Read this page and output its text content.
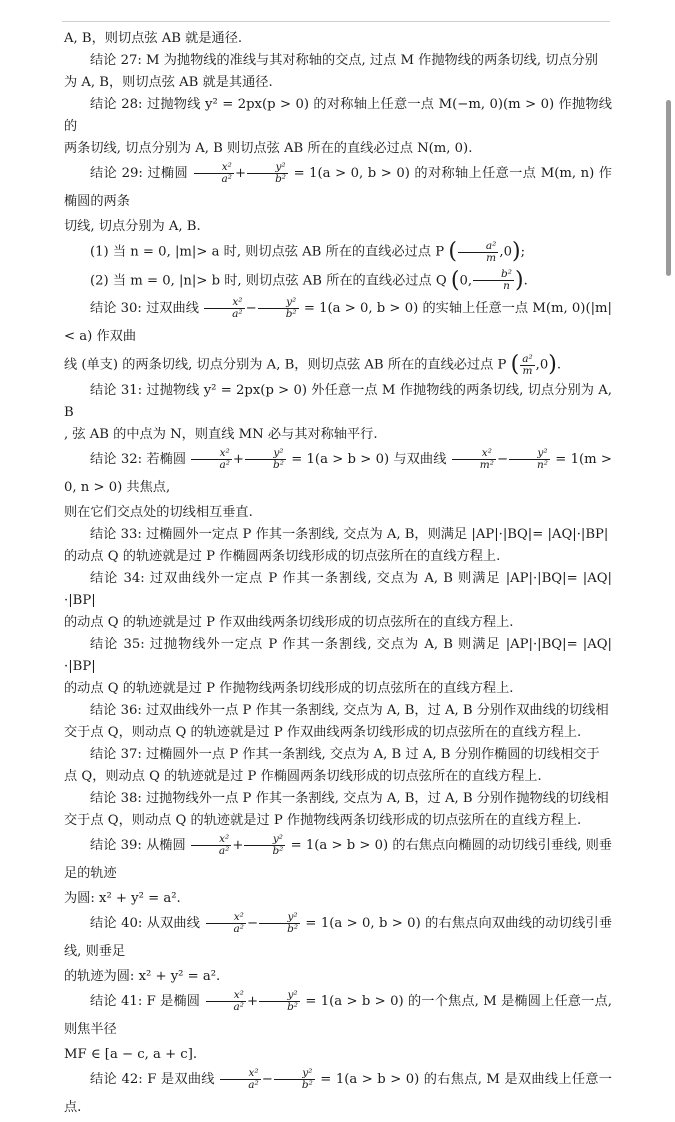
A, B，则切点弦 AB 就是通径.

结论 27: M 为抛物线的准线与其对称轴的交点, 过点 M 作抛物线的两条切线, 切点分别

为 A, B，则切点弦 AB 就是其通径.

结论 28: 过抛物线 y² = 2px(p > 0) 的对称轴上任意一点 M(−m, 0)(m > 0) 作抛物线的

两条切线, 切点分别为 A, B 则切点弦 AB 所在的直线必过点 N(m, 0).

结论 29: 过椭圆 $\frac{\text{x²}}{\text{a²}} + \frac{\text{y²}}{\text{b²}} = 1(a > 0$, b > 0) 的对称轴上任意一点 M(m, n) 作椭圆的两条

切线, 切点分别为 A, B.

(1) 当 n = 0, |m|> a 时, 则切点弦 AB 所在的直线必过点 P ( $\frac{\text{a²}}{m} ,0$);

(2) 当 m = 0, |n|> b 时, 则切点弦 AB 所在的直线必过点 Q (0, $\frac{\text{b²}}{n}$ ).

结论 30: 过双曲线 $\frac{\text{x²}}{\text{a²}} - \frac{\text{y²}}{\text{b²}} = 1(a > 0$, b > 0) 的实轴上任意一点 M(m, 0)(|m|< a) 作双曲

线 (单支) 的两条切线, 切点分别为 A, B，则切点弦 AB 所在的直线必过点 P ( $\frac{\text{a²}}{m} ,0$).

结论 31: 过抛物线 y² = 2px(p > 0) 外任意一点 M 作抛物线的两条切线, 切点分别为 A, B

, 弦 AB 的中点为 N，则直线 MN 必与其对称轴平行.

结论 32: 若椭圆 $\frac{\text{x²}}{\text{a²}} + \frac{\text{y²}}{\text{b²}} = 1(a > b > 0)$ 与双曲线 $\frac{\text{x²}}{\text{m²}} - \frac{\text{y²}}{\text{n²}} = 1(m > 0$, n > 0) 共焦点,

则在它们交点处的切线相互垂直.

结论 33: 过椭圆外一定点 P 作其一条割线, 交点为 A, B，则满足 |AP|·|BQ|= |AQ|·|BP|

的动点 Q 的轨迹就是过 P 作椭圆两条切线形成的切点弦所在的直线方程上.

结论 34: 过双曲线外一定点 P 作其一条割线, 交点为 A, B 则满足 |AP|·|BQ|= |AQ|·|BP|

的动点 Q 的轨迹就是过 P 作双曲线两条切线形成的切点弦所在的直线方程上.

结论 35: 过抛物线外一定点 P 作其一条割线, 交点为 A, B 则满足 |AP|·|BQ|= |AQ|·|BP|

的动点 Q 的轨迹就是过 P 作抛物线两条切线形成的切点弦所在的直线方程上.

结论 36: 过双曲线外一点 P 作其一条割线, 交点为 A, B，过 A, B 分别作双曲线的切线相

交于点 Q，则动点 Q 的轨迹就是过 P 作双曲线两条切线形成的切点弦所在的直线方程上.

结论 37: 过椭圆外一点 P 作其一条割线, 交点为 A, B 过 A, B 分别作椭圆的切线相交于

点 Q，则动点 Q 的轨迹就是过 P 作椭圆两条切线形成的切点弦所在的直线方程上.

结论 38: 过抛物线外一点 P 作其一条割线, 交点为 A, B，过 A, B 分别作抛物线的切线相

交于点 Q，则动点 Q 的轨迹就是过 P 作抛物线两条切线形成的切点弦所在的直线方程上.

结论 39: 从椭圆 $\frac{\text{x²}}{\text{a²}} + \frac{\text{y²}}{\text{b²}} = 1(a > b > 0)$ 的右焦点向椭圆的动切线引垂线, 则垂足的轨迹

为圆: x² + y² = a².

结论 40: 从双曲线 $\frac{\text{x²}}{\text{a²}} - \frac{\text{y²}}{\text{b²}} = 1(a > 0$, b > 0) 的右焦点向双曲线的动切线引垂线, 则垂足

的轨迹为圆: x² + y² = a².

结论 41: F 是椭圆 $\frac{\text{x²}}{\text{a²}} + \frac{\text{y²}}{\text{b²}} = 1(a > b > 0)$ 的一个焦点, M 是椭圆上任意一点, 则焦半径

MF ∈ [a − c, a + c].

结论 42: F 是双曲线 $\frac{\text{x²}}{\text{a²}} - \frac{\text{y²}}{\text{b²}} = 1(a > b > 0)$ 的右焦点, M 是双曲线上任意一点.
